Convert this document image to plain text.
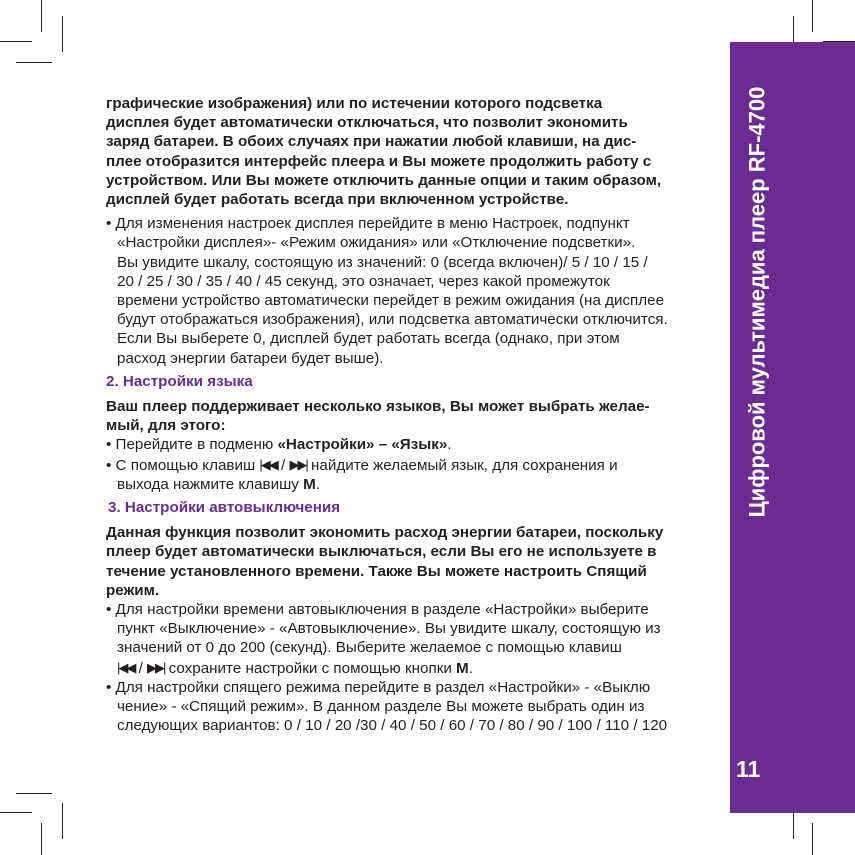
Цифровой мультимедиа плеер RF-4700
11
графические изображения) или по истечении которого подсветка
дисплея будет автоматически отключаться, что позволит экономить
заряд батареи. В обоих случаях при нажатии любой клавиши, на дис-
плее отобразится интерфейс плеера и Вы можете продолжить работу с
устройством. Или Вы можете отключить данные опции и таким образом,
дисплей будет работать всегда при включенном устройстве.
• Для изменения настроек дисплея перейдите в меню Настроек, подпункт
«Настройки дисплея»- «Режим ожидания» или «Отключение подсветки».
Вы увидите шкалу, состоящую из значений: 0 (всегда включен)/ 5 / 10 / 15 /
20 / 25 / 30 / 35 / 40 / 45 секунд, это означает, через какой промежуток
времени устройство автоматически перейдет в режим ожидания (на дисплее
будут отображаться изображения), или подсветка автоматически отключится.
Если Вы выберете 0, дисплей будет работать всегда (однако, при этом
расход энергии батареи будет выше).
2. Настройки языка
Ваш плеер поддерживает несколько языков, Вы может выбрать желае-
мый, для этого:
• Перейдите в подменю «Настройки» – «Язык».
• С помощью клавиш |◀◀ / ▶▶| найдите желаемый язык, для сохранения и
выхода нажмите клавишу M.
3. Настройки автовыключения
Данная функция позволит экономить расход энергии батареи, поскольку
плеер будет автоматически выключаться, если Вы его не используете в
течение установленного времени. Также Вы можете настроить Спящий
режим.
• Для настройки времени автовыключения в разделе «Настройки» выберите
пункт «Выключение» - «Автовыключение». Вы увидите шкалу, состоящую из
значений от 0 до 200 (секунд). Выберите желаемое с помощью клавиш
|◀◀ / ▶▶| сохраните настройки с помощью кнопки M.
• Для настройки спящего режима перейдите в раздел «Настройки» - «Выклю
чение» - «Спящий режим». В данном разделе Вы можете выбрать один из
следующих вариантов: 0 / 10 / 20 /30 / 40 / 50 / 60 / 70 / 80 / 90 / 100 / 110 / 120
